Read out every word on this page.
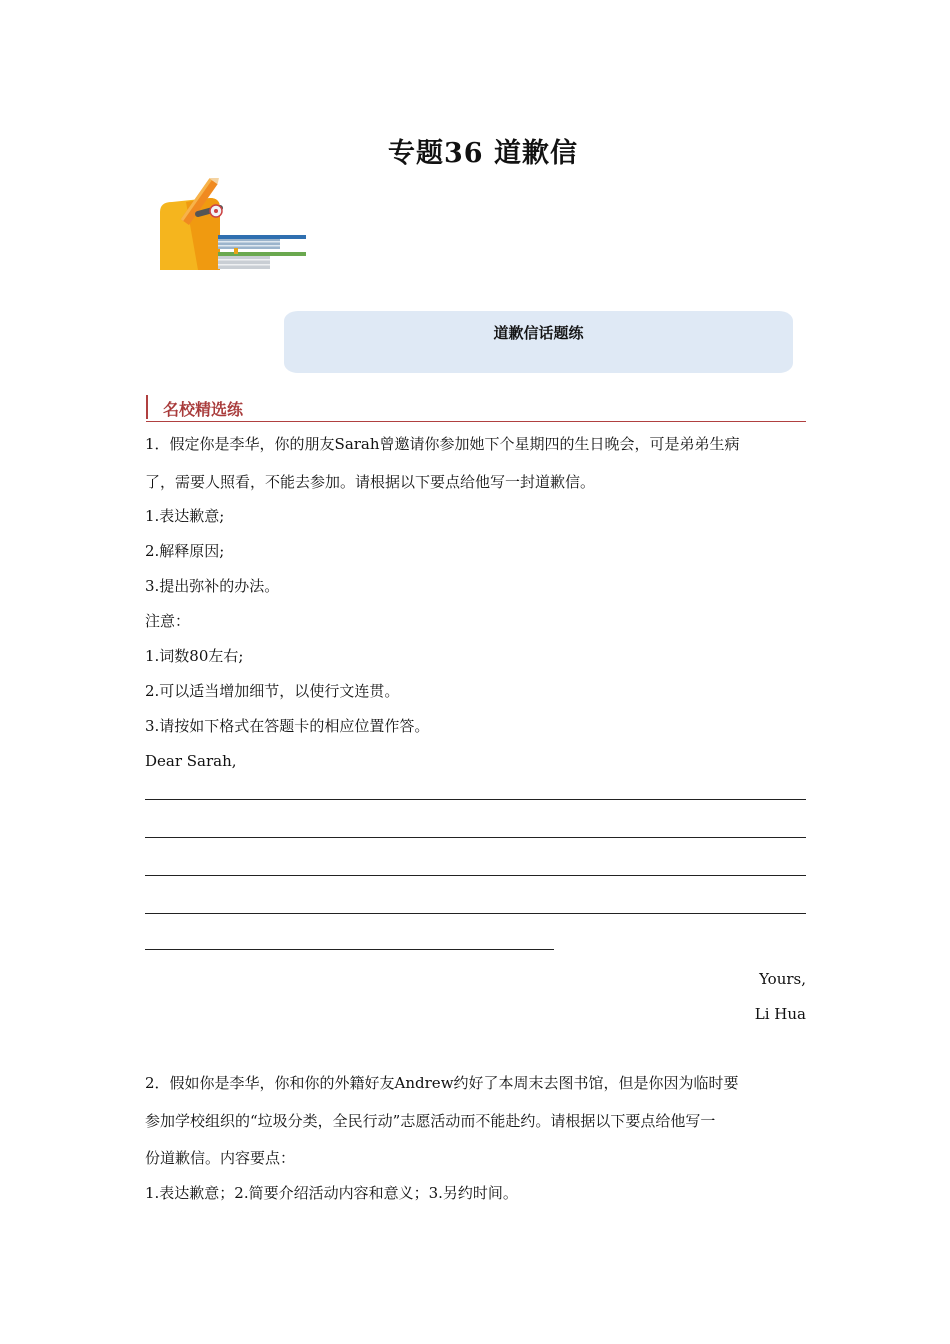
专题36 道歉信
道歉信话题练
名校精选练
1．假定你是李华，你的朋友Sarah曾邀请你参加她下个星期四的生日晚会，可是弟弟生病
了，需要人照看，不能去参加。请根据以下要点给他写一封道歉信。
1.表达歉意;
2.解释原因;
3.提出弥补的办法。
注意：
1.词数80左右;
2.可以适当增加细节，以使行文连贯。
3.请按如下格式在答题卡的相应位置作答。
Dear Sarah,
Yours,
Li Hua
2．假如你是李华，你和你的外籍好友Andrew约好了本周末去图书馆，但是你因为临时要
参加学校组织的“垃圾分类，全民行动”志愿活动而不能赴约。请根据以下要点给他写一
份道歉信。内容要点：
1.表达歉意；2.简要介绍活动内容和意义；3.另约时间。
